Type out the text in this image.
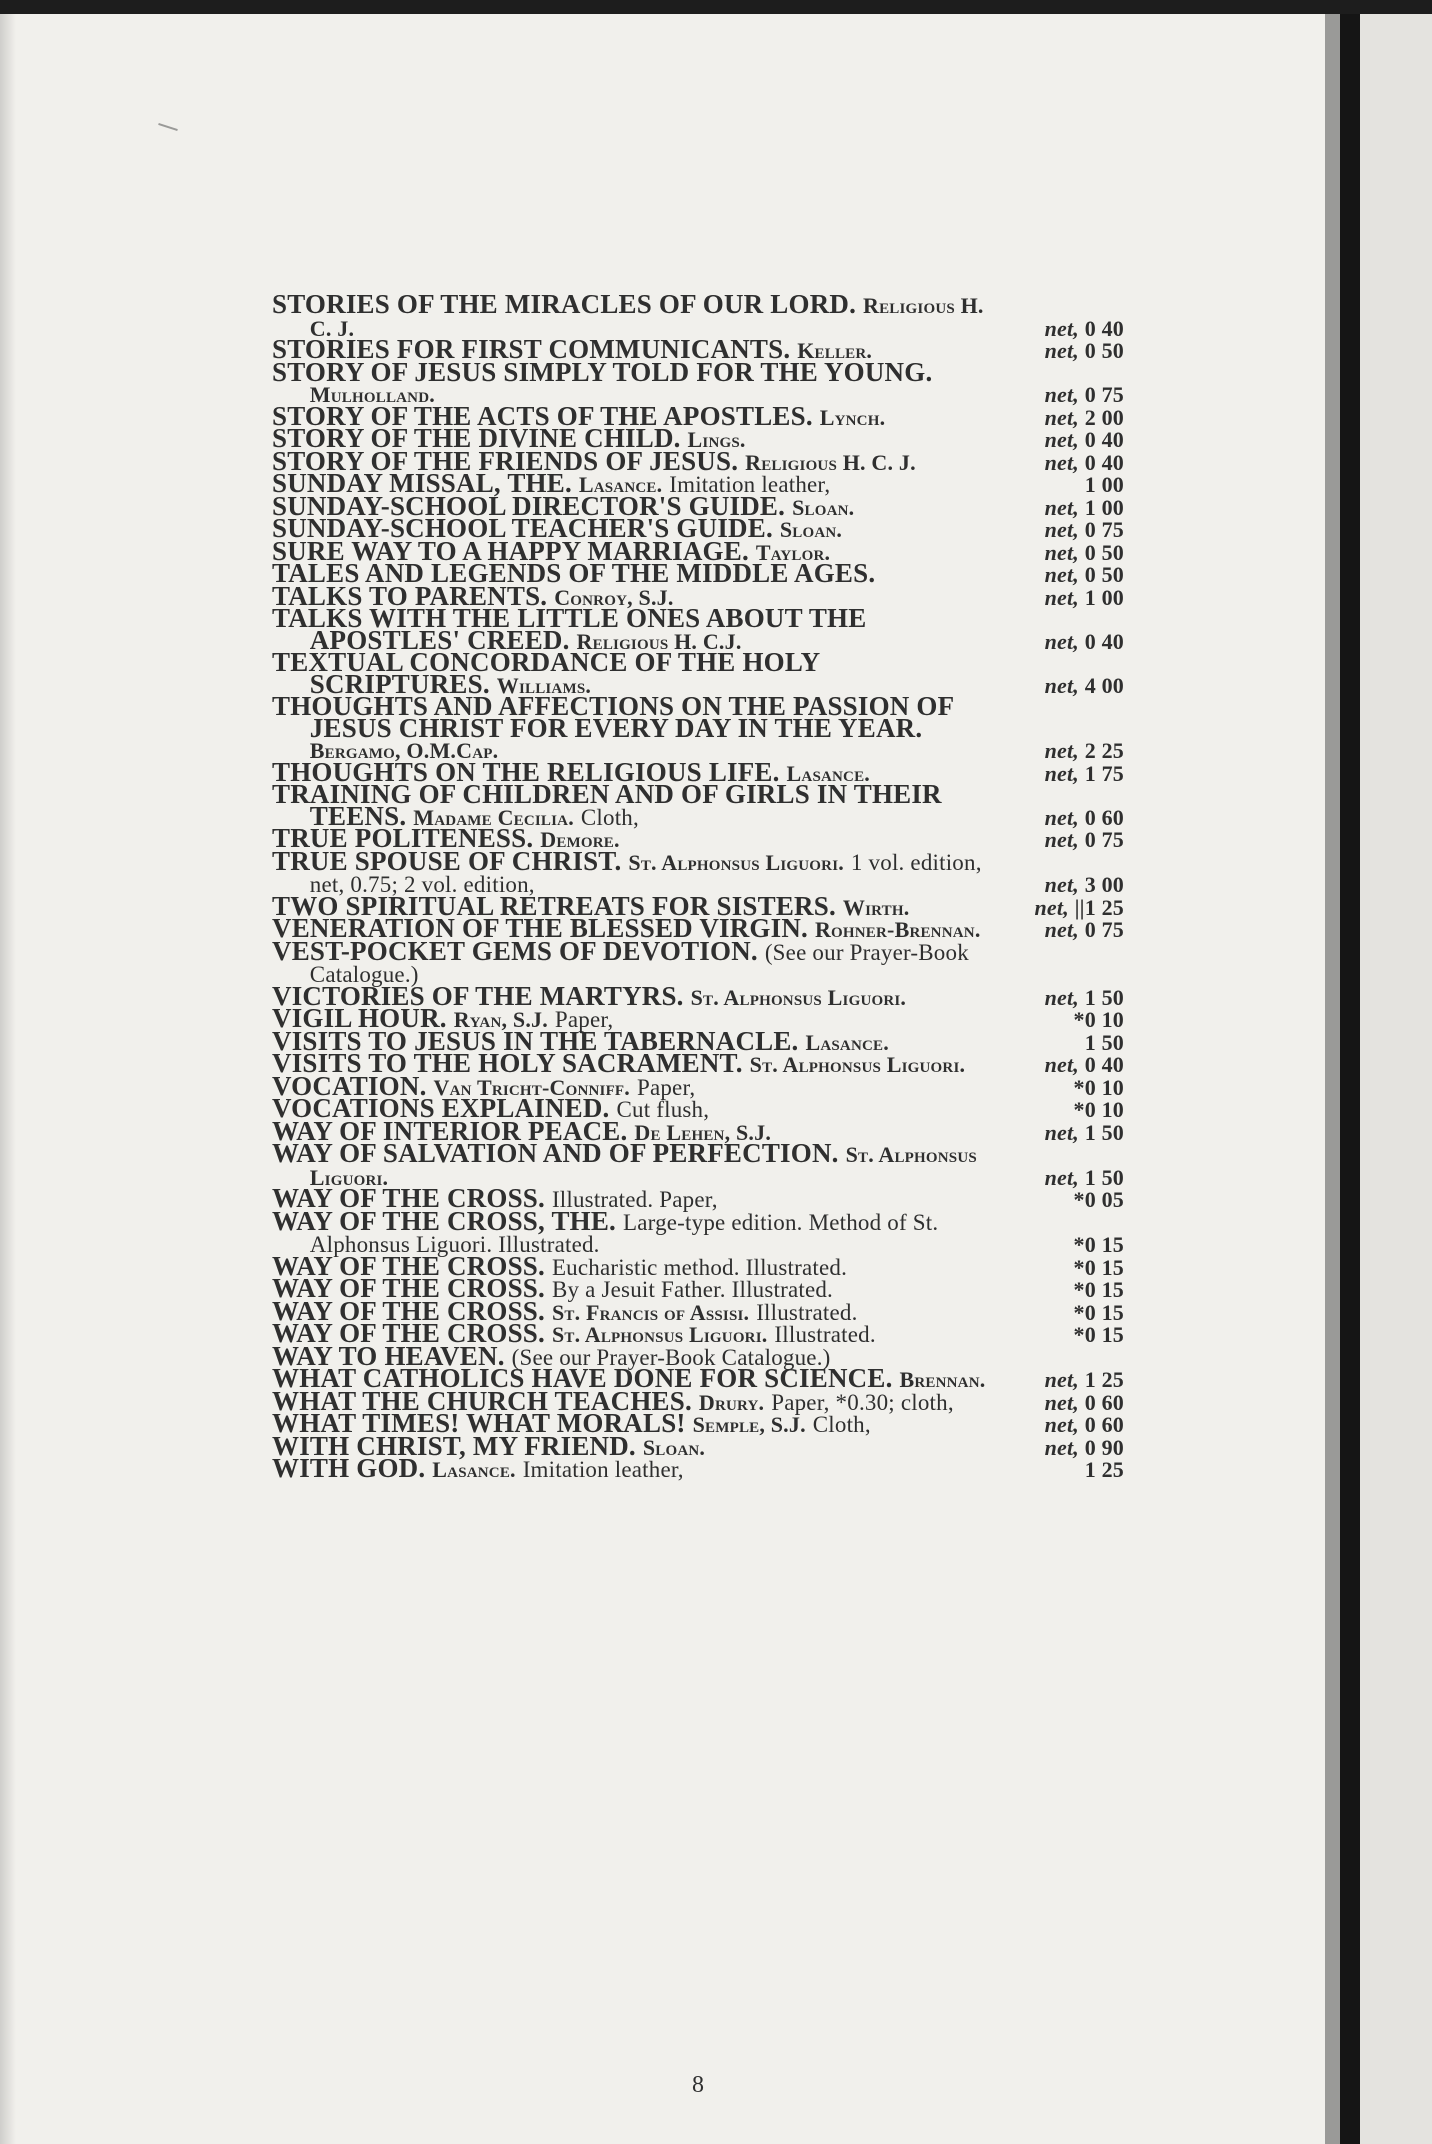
STORIES OF THE MIRACLES OF OUR LORD. Religious H. C. J.	net, 0 40
STORIES FOR FIRST COMMUNICANTS. Keller.	net, 0 50
STORY OF JESUS SIMPLY TOLD FOR THE YOUNG. Mulholland.	net, 0 75
STORY OF THE ACTS OF THE APOSTLES. Lynch.	net, 2 00
STORY OF THE DIVINE CHILD. Lings.	net, 0 40
STORY OF THE FRIENDS OF JESUS. Religious H. C. J.	net, 0 40
SUNDAY MISSAL, THE. Lasance. Imitation leather,	1 00
SUNDAY-SCHOOL DIRECTOR'S GUIDE. Sloan.	net, 1 00
SUNDAY-SCHOOL TEACHER'S GUIDE. Sloan.	net, 0 75
SURE WAY TO A HAPPY MARRIAGE. Taylor.	net, 0 50
TALES AND LEGENDS OF THE MIDDLE AGES.	net, 0 50
TALKS TO PARENTS. Conroy, S.J.	net, 1 00
TALKS WITH THE LITTLE ONES ABOUT THE APOSTLES' CREED. Religious H. C.J.	net, 0 40
TEXTUAL CONCORDANCE OF THE HOLY SCRIPTURES. Williams.	net, 4 00
THOUGHTS AND AFFECTIONS ON THE PASSION OF JESUS CHRIST FOR EVERY DAY IN THE YEAR. Bergamo, O.M.Cap.	net, 2 25
THOUGHTS ON THE RELIGIOUS LIFE. Lasance.	net, 1 75
TRAINING OF CHILDREN AND OF GIRLS IN THEIR TEENS. Madame Cecilia. Cloth,	net, 0 60
TRUE POLITENESS. Demore.	net, 0 75
TRUE SPOUSE OF CHRIST. St. Alphonsus Liguori. 1 vol. edition, net, 0.75; 2 vol. edition,	net, 3 00
TWO SPIRITUAL RETREATS FOR SISTERS. Wirth.	net, ||1 25
VENERATION OF THE BLESSED VIRGIN. Rohner-Brennan.	net, 0 75
VEST-POCKET GEMS OF DEVOTION. (See our Prayer-Book Catalogue.)
VICTORIES OF THE MARTYRS. St. Alphonsus Liguori.	net, 1 50
VIGIL HOUR. Ryan, S.J. Paper,	*0 10
VISITS TO JESUS IN THE TABERNACLE. Lasance.	1 50
VISITS TO THE HOLY SACRAMENT. St. Alphonsus Liguori.	net, 0 40
VOCATION. Van Tricht-Conniff. Paper,	*0 10
VOCATIONS EXPLAINED. Cut flush,	*0 10
WAY OF INTERIOR PEACE. De Lehen, S.J.	net, 1 50
WAY OF SALVATION AND OF PERFECTION. St. Alphonsus Liguori.	net, 1 50
WAY OF THE CROSS. Illustrated. Paper,	*0 05
WAY OF THE CROSS, THE. Large-type edition. Method of St. Alphonsus Liguori. Illustrated.	*0 15
WAY OF THE CROSS. Eucharistic method. Illustrated.	*0 15
WAY OF THE CROSS. By a Jesuit Father. Illustrated.	*0 15
WAY OF THE CROSS. St. Francis of Assisi. Illustrated.	*0 15
WAY OF THE CROSS. St. Alphonsus Liguori. Illustrated.	*0 15
WAY TO HEAVEN. (See our Prayer-Book Catalogue.)
WHAT CATHOLICS HAVE DONE FOR SCIENCE. Brennan.	net, 1 25
WHAT THE CHURCH TEACHES. Drury. Paper, *0.30; cloth,	net, 0 60
WHAT TIMES! WHAT MORALS! Semple, S.J. Cloth,	net, 0 60
WITH CHRIST, MY FRIEND. Sloan.	net, 0 90
WITH GOD. Lasance. Imitation leather,	1 25
8
